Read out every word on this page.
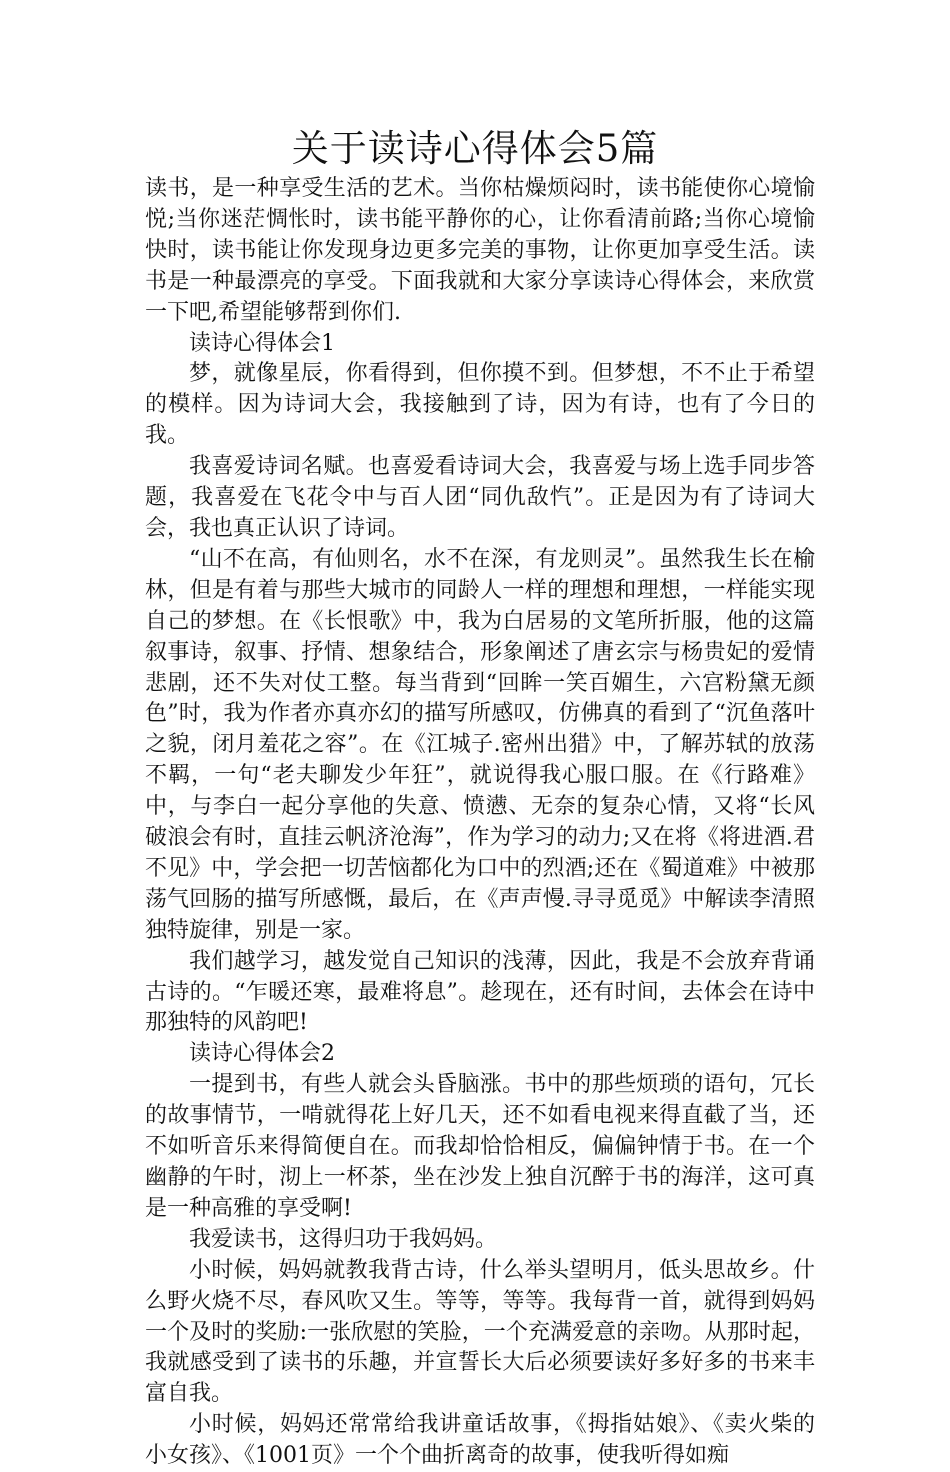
关于读诗心得体会5篇

读书，是一种享受生活的艺术。当你枯燥烦闷时，读书能使你心境愉悦;当你迷茫惆怅时，读书能平静你的心，让你看清前路;当你心境愉快时，读书能让你发现身边更多完美的事物，让你更加享受生活。读书是一种最漂亮的享受。下面我就和大家分享读诗心得体会，来欣赏一下吧,希望能够帮到你们.

读诗心得体会1

梦，就像星辰，你看得到，但你摸不到。但梦想，不不止于希望的模样。因为诗词大会，我接触到了诗，因为有诗，也有了今日的我。

我喜爱诗词名赋。也喜爱看诗词大会，我喜爱与场上选手同步答题，我喜爱在飞花令中与百人团“同仇敌忾”。正是因为有了诗词大会，我也真正认识了诗词。

“山不在高，有仙则名，水不在深，有龙则灵”。虽然我生长在榆林，但是有着与那些大城市的同龄人一样的理想和理想，一样能实现自己的梦想。在《长恨歌》中，我为白居易的文笔所折服，他的这篇叙事诗，叙事、抒情、想象结合，形象阐述了唐玄宗与杨贵妃的爱情悲剧，还不失对仗工整。每当背到“回眸一笑百媚生，六宫粉黛无颜色”时，我为作者亦真亦幻的描写所感叹，仿佛真的看到了“沉鱼落叶之貌，闭月羞花之容”。在《江城子.密州出猎》中，了解苏轼的放荡不羁，一句“老夫聊发少年狂”，就说得我心服口服。在《行路难》中，与李白一起分享他的失意、愤懑、无奈的复杂心情，又将“长风破浪会有时，直挂云帆济沧海”，作为学习的动力;又在将《将进酒.君不见》中，学会把一切苦恼都化为口中的烈酒;还在《蜀道难》中被那荡气回肠的描写所感慨，最后，在《声声慢.寻寻觅觅》中解读李清照独特旋律，别是一家。

我们越学习，越发觉自己知识的浅薄，因此，我是不会放弃背诵古诗的。“乍暖还寒，最难将息”。趁现在，还有时间，去体会在诗中那独特的风韵吧!

读诗心得体会2

一提到书，有些人就会头昏脑涨。书中的那些烦琐的语句，冗长的故事情节，一啃就得花上好几天，还不如看电视来得直截了当，还不如听音乐来得简便自在。而我却恰恰相反，偏偏钟情于书。在一个幽静的午时，沏上一杯茶，坐在沙发上独自沉醉于书的海洋，这可真是一种高雅的享受啊!

我爱读书，这得归功于我妈妈。

小时候，妈妈就教我背古诗，什么举头望明月，低头思故乡。什么野火烧不尽，春风吹又生。等等，等等。我每背一首，就得到妈妈一个及时的奖励:一张欣慰的笑脸，一个充满爱意的亲吻。从那时起，我就感受到了读书的乐趣，并宣誓长大后必须要读好多好多的书来丰富自我。

小时候，妈妈还常常给我讲童话故事，《拇指姑娘》、《卖火柴的小女孩》、《1001页》一个个曲折离奇的故事，使我听得如痴
